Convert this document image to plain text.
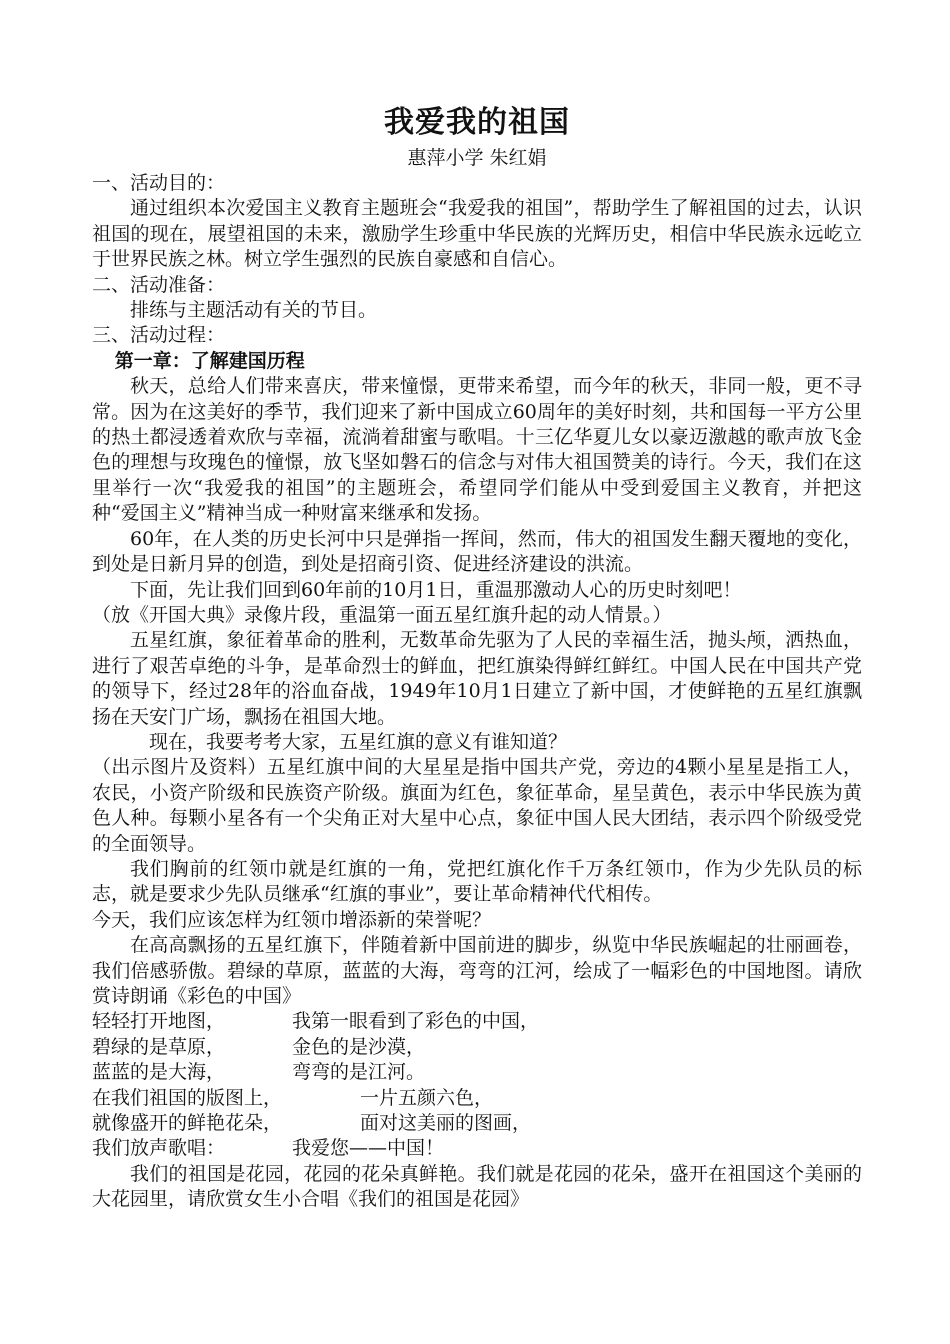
我爱我的祖国
惠萍小学 朱红娟

一、活动目的：

通过组织本次爱国主义教育主题班会“我爱我的祖国”，帮助学生了解祖国的过去，认识祖国的现在，展望祖国的未来，激励学生珍重中华民族的光辉历史，相信中华民族永远屹立于世界民族之林。树立学生强烈的民族自豪感和自信心。

二、活动准备：

排练与主题活动有关的节目。

三、活动过程：

第一章：了解建国历程

秋天，总给人们带来喜庆，带来憧憬，更带来希望，而今年的秋天，非同一般，更不寻常。因为在这美好的季节，我们迎来了新中国成立60周年的美好时刻，共和国每一平方公里的热土都浸透着欢欣与幸福，流淌着甜蜜与歌唱。十三亿华夏儿女以豪迈激越的歌声放飞金色的理想与玫瑰色的憧憬，放飞坚如磐石的信念与对伟大祖国赞美的诗行。今天，我们在这里举行一次“我爱我的祖国”的主题班会，希望同学们能从中受到爱国主义教育，并把这种“爱国主义”精神当成一种财富来继承和发扬。

60年，在人类的历史长河中只是弹指一挥间，然而，伟大的祖国发生翻天覆地的变化，到处是日新月异的创造，到处是招商引资、促进经济建设的洪流。

下面，先让我们回到60年前的10月1日，重温那激动人心的历史时刻吧！

（放《开国大典》录像片段，重温第一面五星红旗升起的动人情景。）

五星红旗，象征着革命的胜利，无数革命先驱为了人民的幸福生活，抛头颅，洒热血，进行了艰苦卓绝的斗争，是革命烈士的鲜血，把红旗染得鲜红鲜红。中国人民在中国共产党的领导下，经过28年的浴血奋战，1949年10月1日建立了新中国，才使鲜艳的五星红旗飘扬在天安门广场，飘扬在祖国大地。

现在，我要考考大家，五星红旗的意义有谁知道？

（出示图片及资料）五星红旗中间的大星星是指中国共产党，旁边的4颗小星星是指工人，农民，小资产阶级和民族资产阶级。旗面为红色，象征革命，星呈黄色，表示中华民族为黄色人种。每颗小星各有一个尖角正对大星中心点，象征中国人民大团结，表示四个阶级受党的全面领导。

我们胸前的红领巾就是红旗的一角，党把红旗化作千万条红领巾，作为少先队员的标志，就是要求少先队员继承“红旗的事业”，要让革命精神代代相传。

今天，我们应该怎样为红领巾增添新的荣誉呢？

在高高飘扬的五星红旗下，伴随着新中国前进的脚步，纵览中华民族崛起的壮丽画卷，我们倍感骄傲。碧绿的草原，蓝蓝的大海，弯弯的江河，绘成了一幅彩色的中国地图。请欣赏诗朗诵《彩色的中国》

轻轻打开地图，	我第一眼看到了彩色的中国，

碧绿的是草原，	金色的是沙漠，

蓝蓝的是大海，	弯弯的是江河。

在我们祖国的版图上，	一片五颜六色，

就像盛开的鲜艳花朵，	面对这美丽的图画，

我们放声歌唱：	我爱您——中国！

我们的祖国是花园，花园的花朵真鲜艳。我们就是花园的花朵，盛开在祖国这个美丽的大花园里，请欣赏女生小合唱《我们的祖国是花园》
